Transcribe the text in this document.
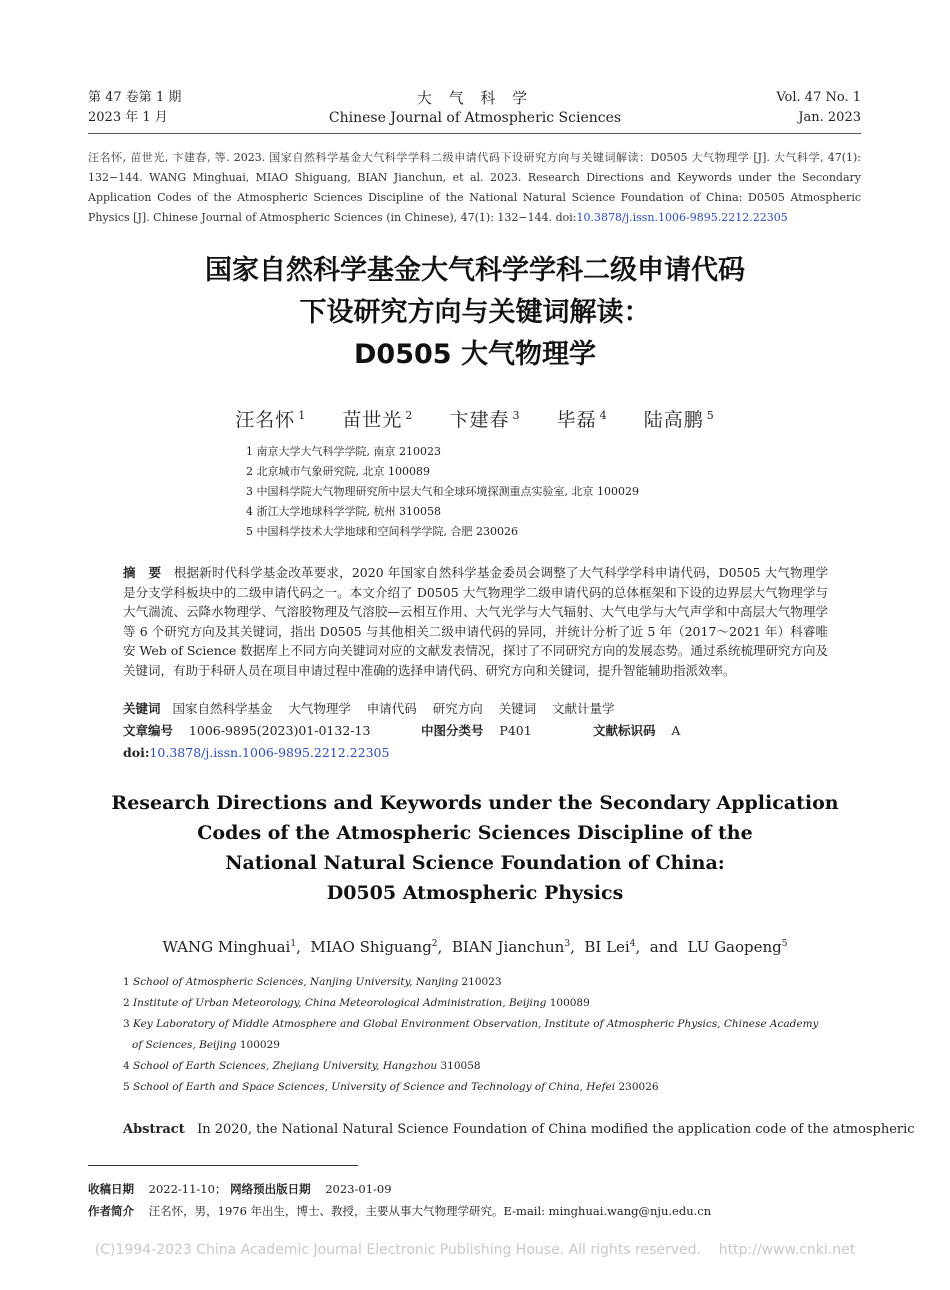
第 47 卷第 1 期
2023 年 1 月
大 气 科 学
Chinese Journal of Atmospheric Sciences
Vol. 47 No. 1
Jan. 2023
汪名怀, 苗世光, 卞建春, 等. 2023. 国家自然科学基金大气科学学科二级申请代码下设研究方向与关键词解读：D0505 大气物理学 [J]. 大气科学, 47(1): 132−144. WANG Minghuai, MIAO Shiguang, BIAN Jianchun, et al. 2023. Research Directions and Keywords under the Secondary Application Codes of the Atmospheric Sciences Discipline of the National Natural Science Foundation of China: D0505 Atmospheric Physics [J]. Chinese Journal of Atmospheric Sciences (in Chinese), 47(1): 132−144. doi:10.3878/j.issn.1006-9895.2212.22305
国家自然科学基金大气科学学科二级申请代码
下设研究方向与关键词解读：
D0505 大气物理学
汪名怀 $^1$ 苗世光 $^2$ 卞建春 $^3$ 毕磊 $^4$ 陆高鹏 $^5$
1 南京大学大气科学学院, 南京 210023
2 北京城市气象研究院, 北京 100089
3 中国科学院大气物理研究所中层大气和全球环境探测重点实验室, 北京 100029
4 浙江大学地球科学学院, 杭州 310058
5 中国科学技术大学地球和空间科学学院, 合肥 230026
摘　要 根据新时代科学基金改革要求，2020 年国家自然科学基金委员会调整了大气科学学科申请代码，D0505 大气物理学是分支学科板块中的二级申请代码之一。本文介绍了 D0505 大气物理学二级申请代码的总体框架和下设的边界层大气物理学与大气湍流、云降水物理学、气溶胶物理及气溶胶—云相互作用、大气光学与大气辐射、大气电学与大气声学和中高层大气物理学等 6 个研究方向及其关键词，指出 D0505 与其他相关二级申请代码的异同，并统计分析了近 5 年（2017～2021 年）科睿唯安 Web of Science 数据库上不同方向关键词对应的文献发表情况，探讨了不同研究方向的发展态势。通过系统梳理研究方向及关键词，有助于科研人员在项目申请过程中准确的选择申请代码、研究方向和关键词，提升智能辅助指派效率。
关键词 国家自然科学基金 大气物理学 申请代码 研究方向 关键词 文献计量学
文章编号 1006-9895(2023)01-0132-13	中图分类号 P401	文献标识码 A
doi:10.3878/j.issn.1006-9895.2212.22305
Research Directions and Keywords under the Secondary Application
Codes of the Atmospheric Sciences Discipline of the
National Natural Science Foundation of China:
D0505 Atmospheric Physics
WANG Minghuai$^1$,  MIAO Shiguang$^2$,  BIAN Jianchun$^3$,  BI Lei$^4$,  and  LU Gaopeng$^5$
1 School of Atmospheric Sciences, Nanjing University, Nanjing 210023
2 Institute of Urban Meteorology, China Meteorological Administration, Beijing 100089
3 Key Laboratory of Middle Atmosphere and Global Environment Observation, Institute of Atmospheric Physics, Chinese Academy of Sciences, Beijing 100029
4 School of Earth Sciences, Zhejiang University, Hangzhou 310058
5 School of Earth and Space Sciences, University of Science and Technology of China, Hefei 230026
Abstract In 2020, the National Natural Science Foundation of China modified the application code of the atmospheric
收稿日期 2022-11-10； 网络预出版日期 2023-01-09
作者简介 汪名怀，男，1976 年出生，博士、教授，主要从事大气物理学研究。E-mail: minghuai.wang@nju.edu.cn
(C)1994-2023 China Academic Journal Electronic Publishing House. All rights reserved.    http://www.cnki.net
